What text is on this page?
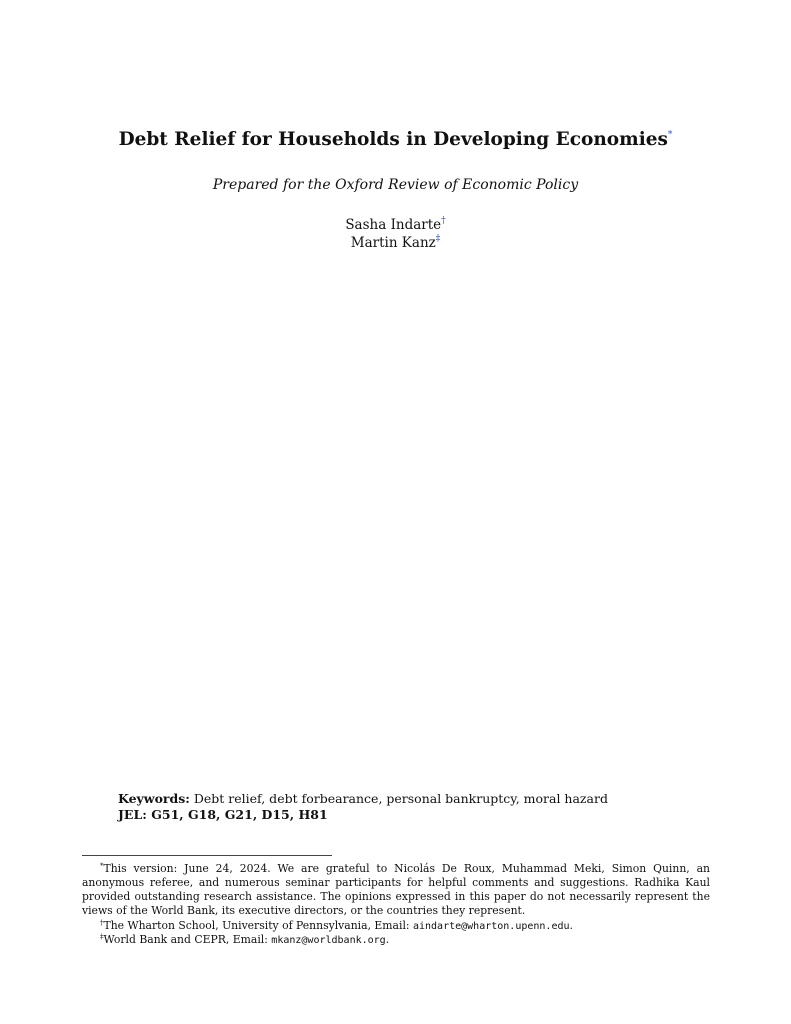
Debt Relief for Households in Developing Economies*
Prepared for the Oxford Review of Economic Policy
Sasha Indarte†
Martin Kanz‡
Keywords: Debt relief, debt forbearance, personal bankruptcy, moral hazard
JEL: G51, G18, G21, D15, H81
*This version: June 24, 2024. We are grateful to Nicolás De Roux, Muhammad Meki, Simon Quinn, an anonymous referee, and numerous seminar participants for helpful comments and suggestions. Radhika Kaul provided outstanding research assistance. The opinions expressed in this paper do not necessarily represent the views of the World Bank, its executive directors, or the countries they represent.
†The Wharton School, University of Pennsylvania, Email: aindarte@wharton.upenn.edu.
‡World Bank and CEPR, Email: mkanz@worldbank.org.
